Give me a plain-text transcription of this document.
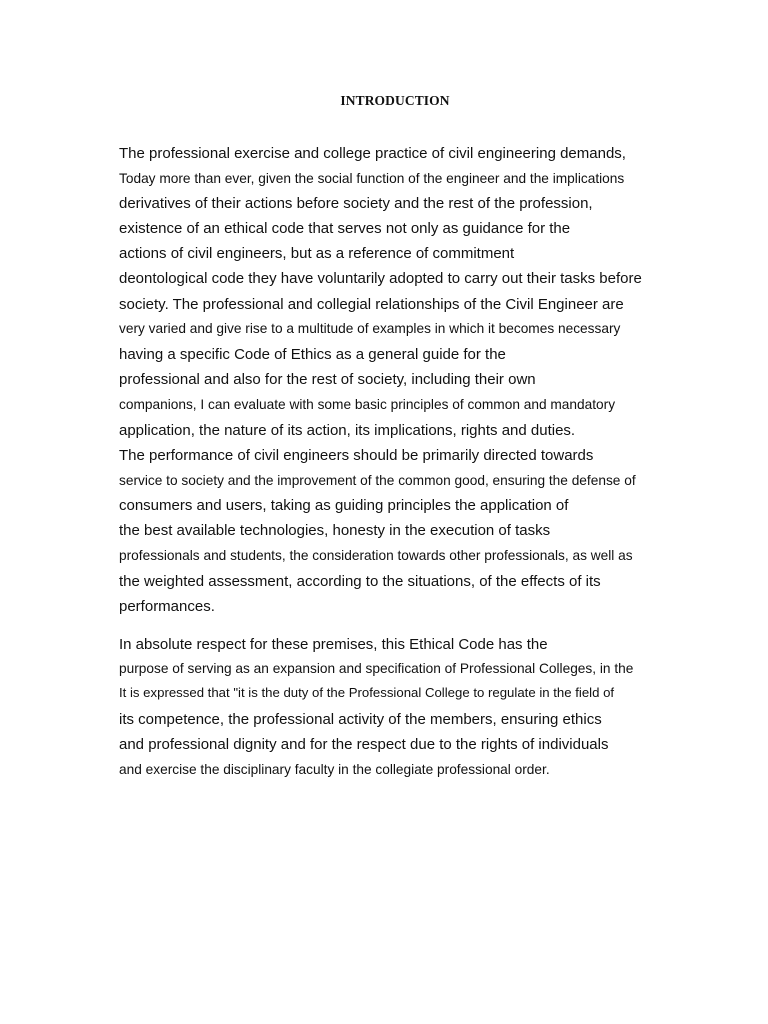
INTRODUCTION
The professional exercise and college practice of civil engineering demands,
Today more than ever, given the social function of the engineer and the implications
derivatives of their actions before society and the rest of the profession,
existence of an ethical code that serves not only as guidance for the
actions of civil engineers, but as a reference of commitment
deontological code they have voluntarily adopted to carry out their tasks before
society. The professional and collegial relationships of the Civil Engineer are
very varied and give rise to a multitude of examples in which it becomes necessary
having a specific Code of Ethics as a general guide for the
professional and also for the rest of society, including their own
companions, I can evaluate with some basic principles of common and mandatory
application, the nature of its action, its implications, rights and duties.
The performance of civil engineers should be primarily directed towards
service to society and the improvement of the common good, ensuring the defense of
consumers and users, taking as guiding principles the application of
the best available technologies, honesty in the execution of tasks
professionals and students, the consideration towards other professionals, as well as
the weighted assessment, according to the situations, of the effects of its
performances.
In absolute respect for these premises, this Ethical Code has the
purpose of serving as an expansion and specification of Professional Colleges, in the
It is expressed that "it is the duty of the Professional College to regulate in the field of
its competence, the professional activity of the members, ensuring ethics
and professional dignity and for the respect due to the rights of individuals
and exercise the disciplinary faculty in the collegiate professional order.
